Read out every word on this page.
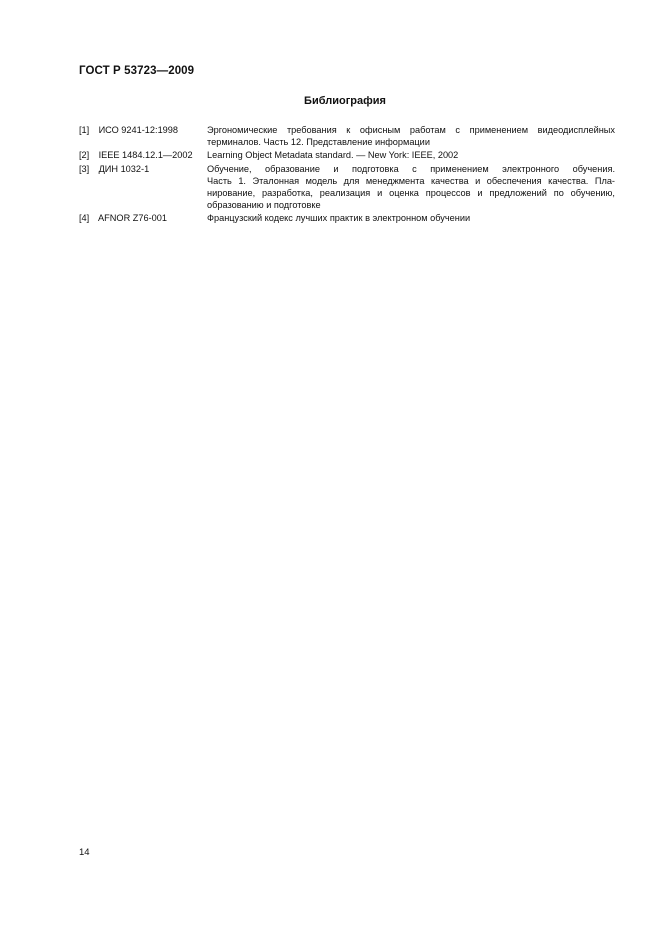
ГОСТ Р 53723—2009
Библиография
[1] ИСО 9241-12:1998	Эргономические требования к офисным работам с применением видеодисплейных
терминалов. Часть 12. Представление информации
[2] IEEE 1484.12.1—2002	Learning Object Metadata standard. — New York: IEEE, 2002
[3] ДИН 1032-1	Обучение, образование и подготовка с применением электронного обучения.
Часть 1. Эталонная модель для менеджмента качества и обеспечения качества. Пла-
нирование, разработка, реализация и оценка процессов и предложений по обучению,
образованию и подготовке
[4] AFNOR Z76-001	Французский кодекс лучших практик в электронном обучении
14
